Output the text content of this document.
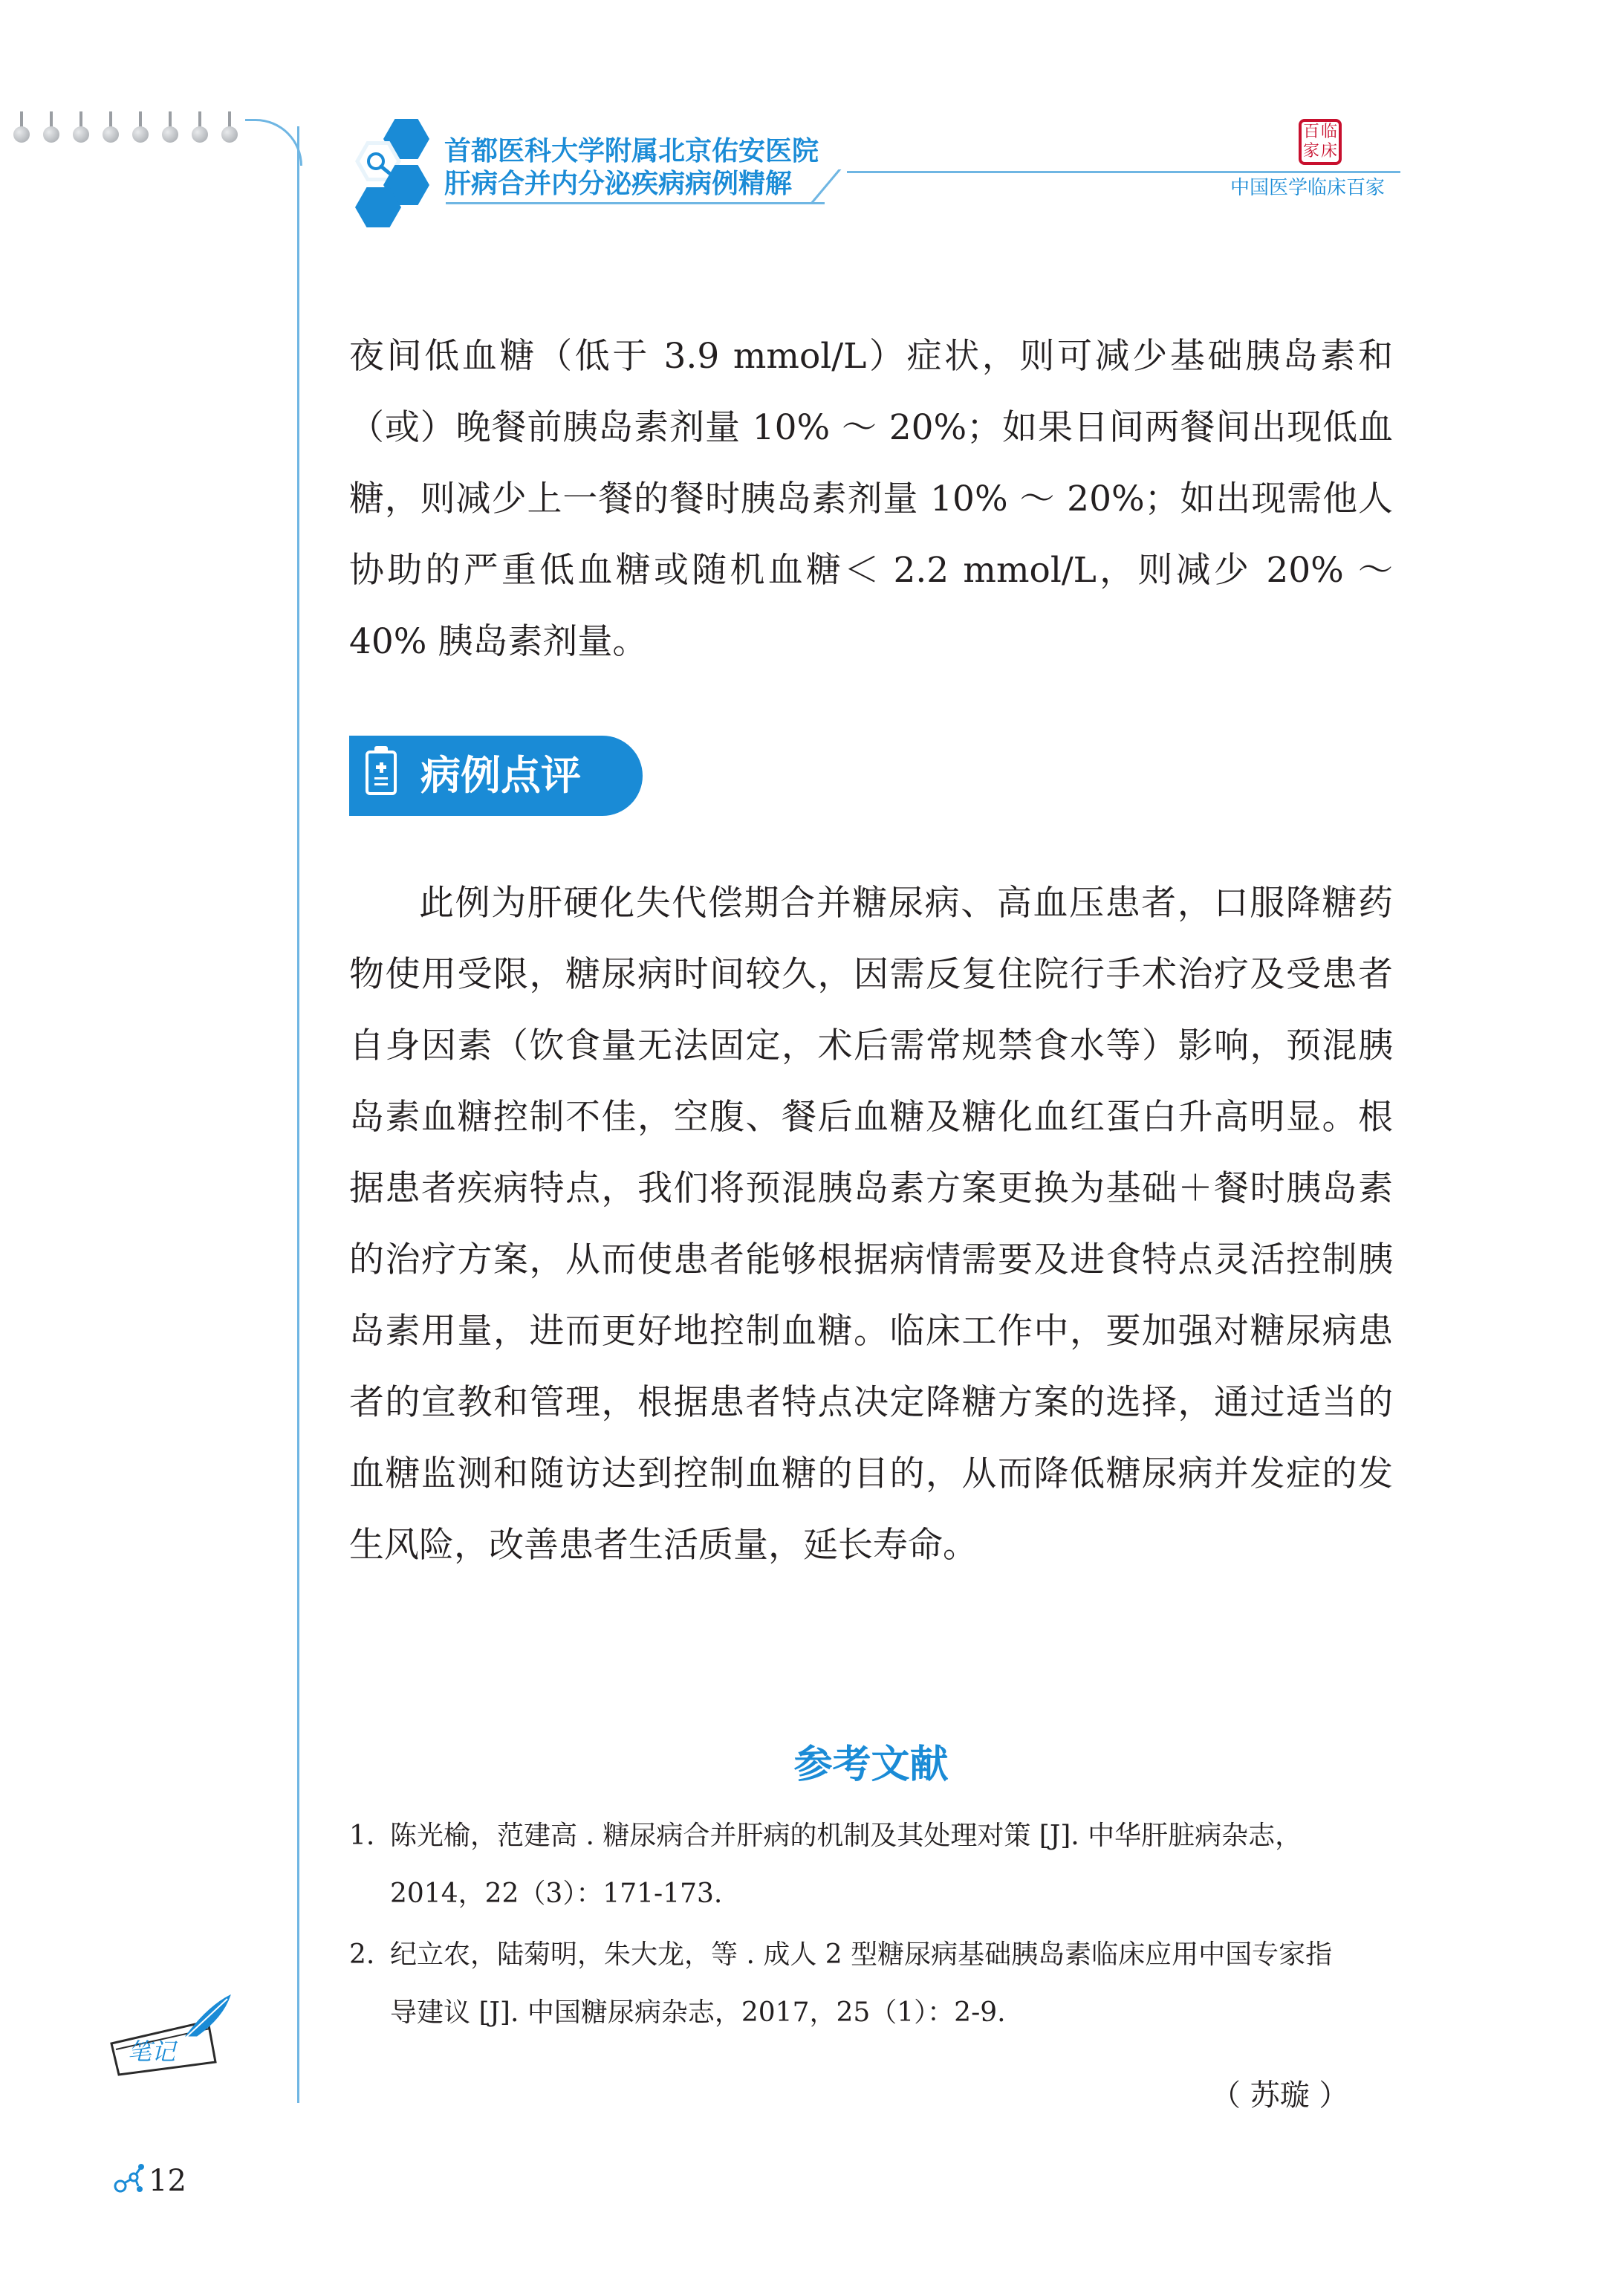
首都医科大学附属北京佑安医院
肝病合并内分泌疾病病例精解
百 临
家 床
中国医学临床百家
夜间低血糖（低于 3.9 mmol/L）症状，则可减少基础胰岛素和（或）晚餐前胰岛素剂量 10% ～ 20%；如果日间两餐间出现低血糖，则减少上一餐的餐时胰岛素剂量 10% ～ 20%；如出现需他人协助的严重低血糖或随机血糖＜ 2.2 mmol/L，则减少 20% ～ 40% 胰岛素剂量。
病例点评
此例为肝硬化失代偿期合并糖尿病、高血压患者，口服降糖药物使用受限，糖尿病时间较久，因需反复住院行手术治疗及受患者自身因素（饮食量无法固定，术后需常规禁食水等）影响，预混胰岛素血糖控制不佳，空腹、餐后血糖及糖化血红蛋白升高明显。根据患者疾病特点，我们将预混胰岛素方案更换为基础＋餐时胰岛素的治疗方案，从而使患者能够根据病情需要及进食特点灵活控制胰岛素用量，进而更好地控制血糖。临床工作中，要加强对糖尿病患者的宣教和管理，根据患者特点决定降糖方案的选择，通过适当的血糖监测和随访达到控制血糖的目的，从而降低糖尿病并发症的发生风险，改善患者生活质量，延长寿命。
参考文献
1. 陈光榆，范建高 . 糖尿病合并肝病的机制及其处理对策 [J]. 中华肝脏病杂志，
2014，22（3）：171-173.
2. 纪立农，陆菊明，朱大龙，等 . 成人 2 型糖尿病基础胰岛素临床应用中国专家指
导建议 [J]. 中国糖尿病杂志，2017，25（1）：2-9.
（ 苏璇 ）
笔记
12
